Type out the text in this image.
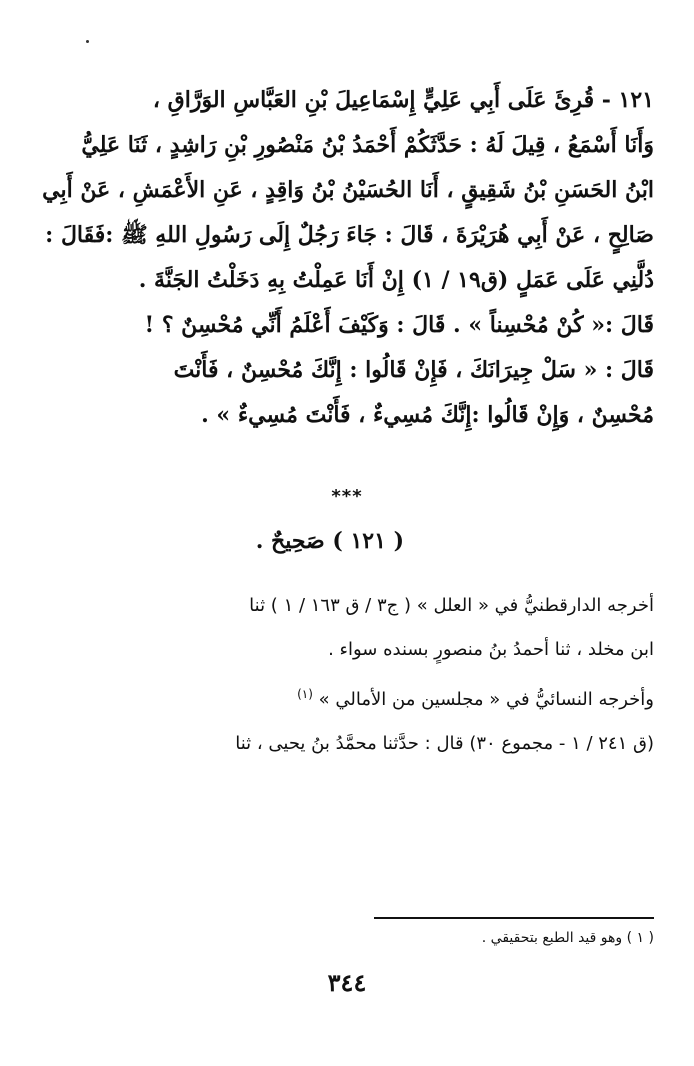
١٢١ - قُرِئَ عَلَى أَبِي عَلِيٍّ إِسْمَاعِيلَ بْنِ العَبَّاسِ الوَرَّاقِ ،

وَأَنَا أَسْمَعُ ، قِيلَ لَهُ : حَدَّثَكُمْ أَحْمَدُ بْنُ مَنْصُورِ بْنِ رَاشِدٍ ، ثَنَا عَلِيُّ

ابْنُ الحَسَنِ بْنُ شَقِيقٍ ، أَنَا الحُسَيْنُ بْنُ وَاقِدٍ ، عَنِ الأَعْمَشِ ، عَنْ أَبِي

صَالِحٍ ، عَنْ أَبِي هُرَيْرَةَ ، قَالَ : جَاءَ رَجُلٌ إِلَى رَسُولِ اللهِ ﷺ :فَقَالَ :

دُلَّنِي عَلَى عَمَلٍ (ق١٩ / ١) إِنْ أَنَا عَمِلْتُ بِهِ دَخَلْتُ الجَنَّةَ .

قَالَ :« كُنْ مُحْسِناً » . قَالَ : وَكَيْفَ أَعْلَمُ أَنِّي مُحْسِنٌ ؟ !

قَالَ : « سَلْ جِيرَانَكَ ، فَإِنْ قَالُوا : إِنَّكَ مُحْسِنٌ ، فَأَنْتَ

مُحْسِنٌ ، وَإِنْ قَالُوا :إِنَّكَ مُسِيءٌ ، فَأَنْتَ مُسِيءٌ » .

***
( ١٢١ ) صَحِيحٌ .

أخرجه الدارقطنيُّ في « العلل » ( ج٣ / ق ١٦٣ / ١ ) ثنا

ابن مخلد ، ثنا أحمدُ بنُ منصورٍ بسنده سواء .

وأخرجه النسائيُّ في « مجلسين من الأمالي » $^{(١)}$

(ق ٢٤١ / ١ - مجموع ٣٠) قال : حدَّثنا محمَّدُ بنُ يحيى ، ثنا

( ١ ) وهو قيد الطبع بتحقيقي .
٣٤٤
